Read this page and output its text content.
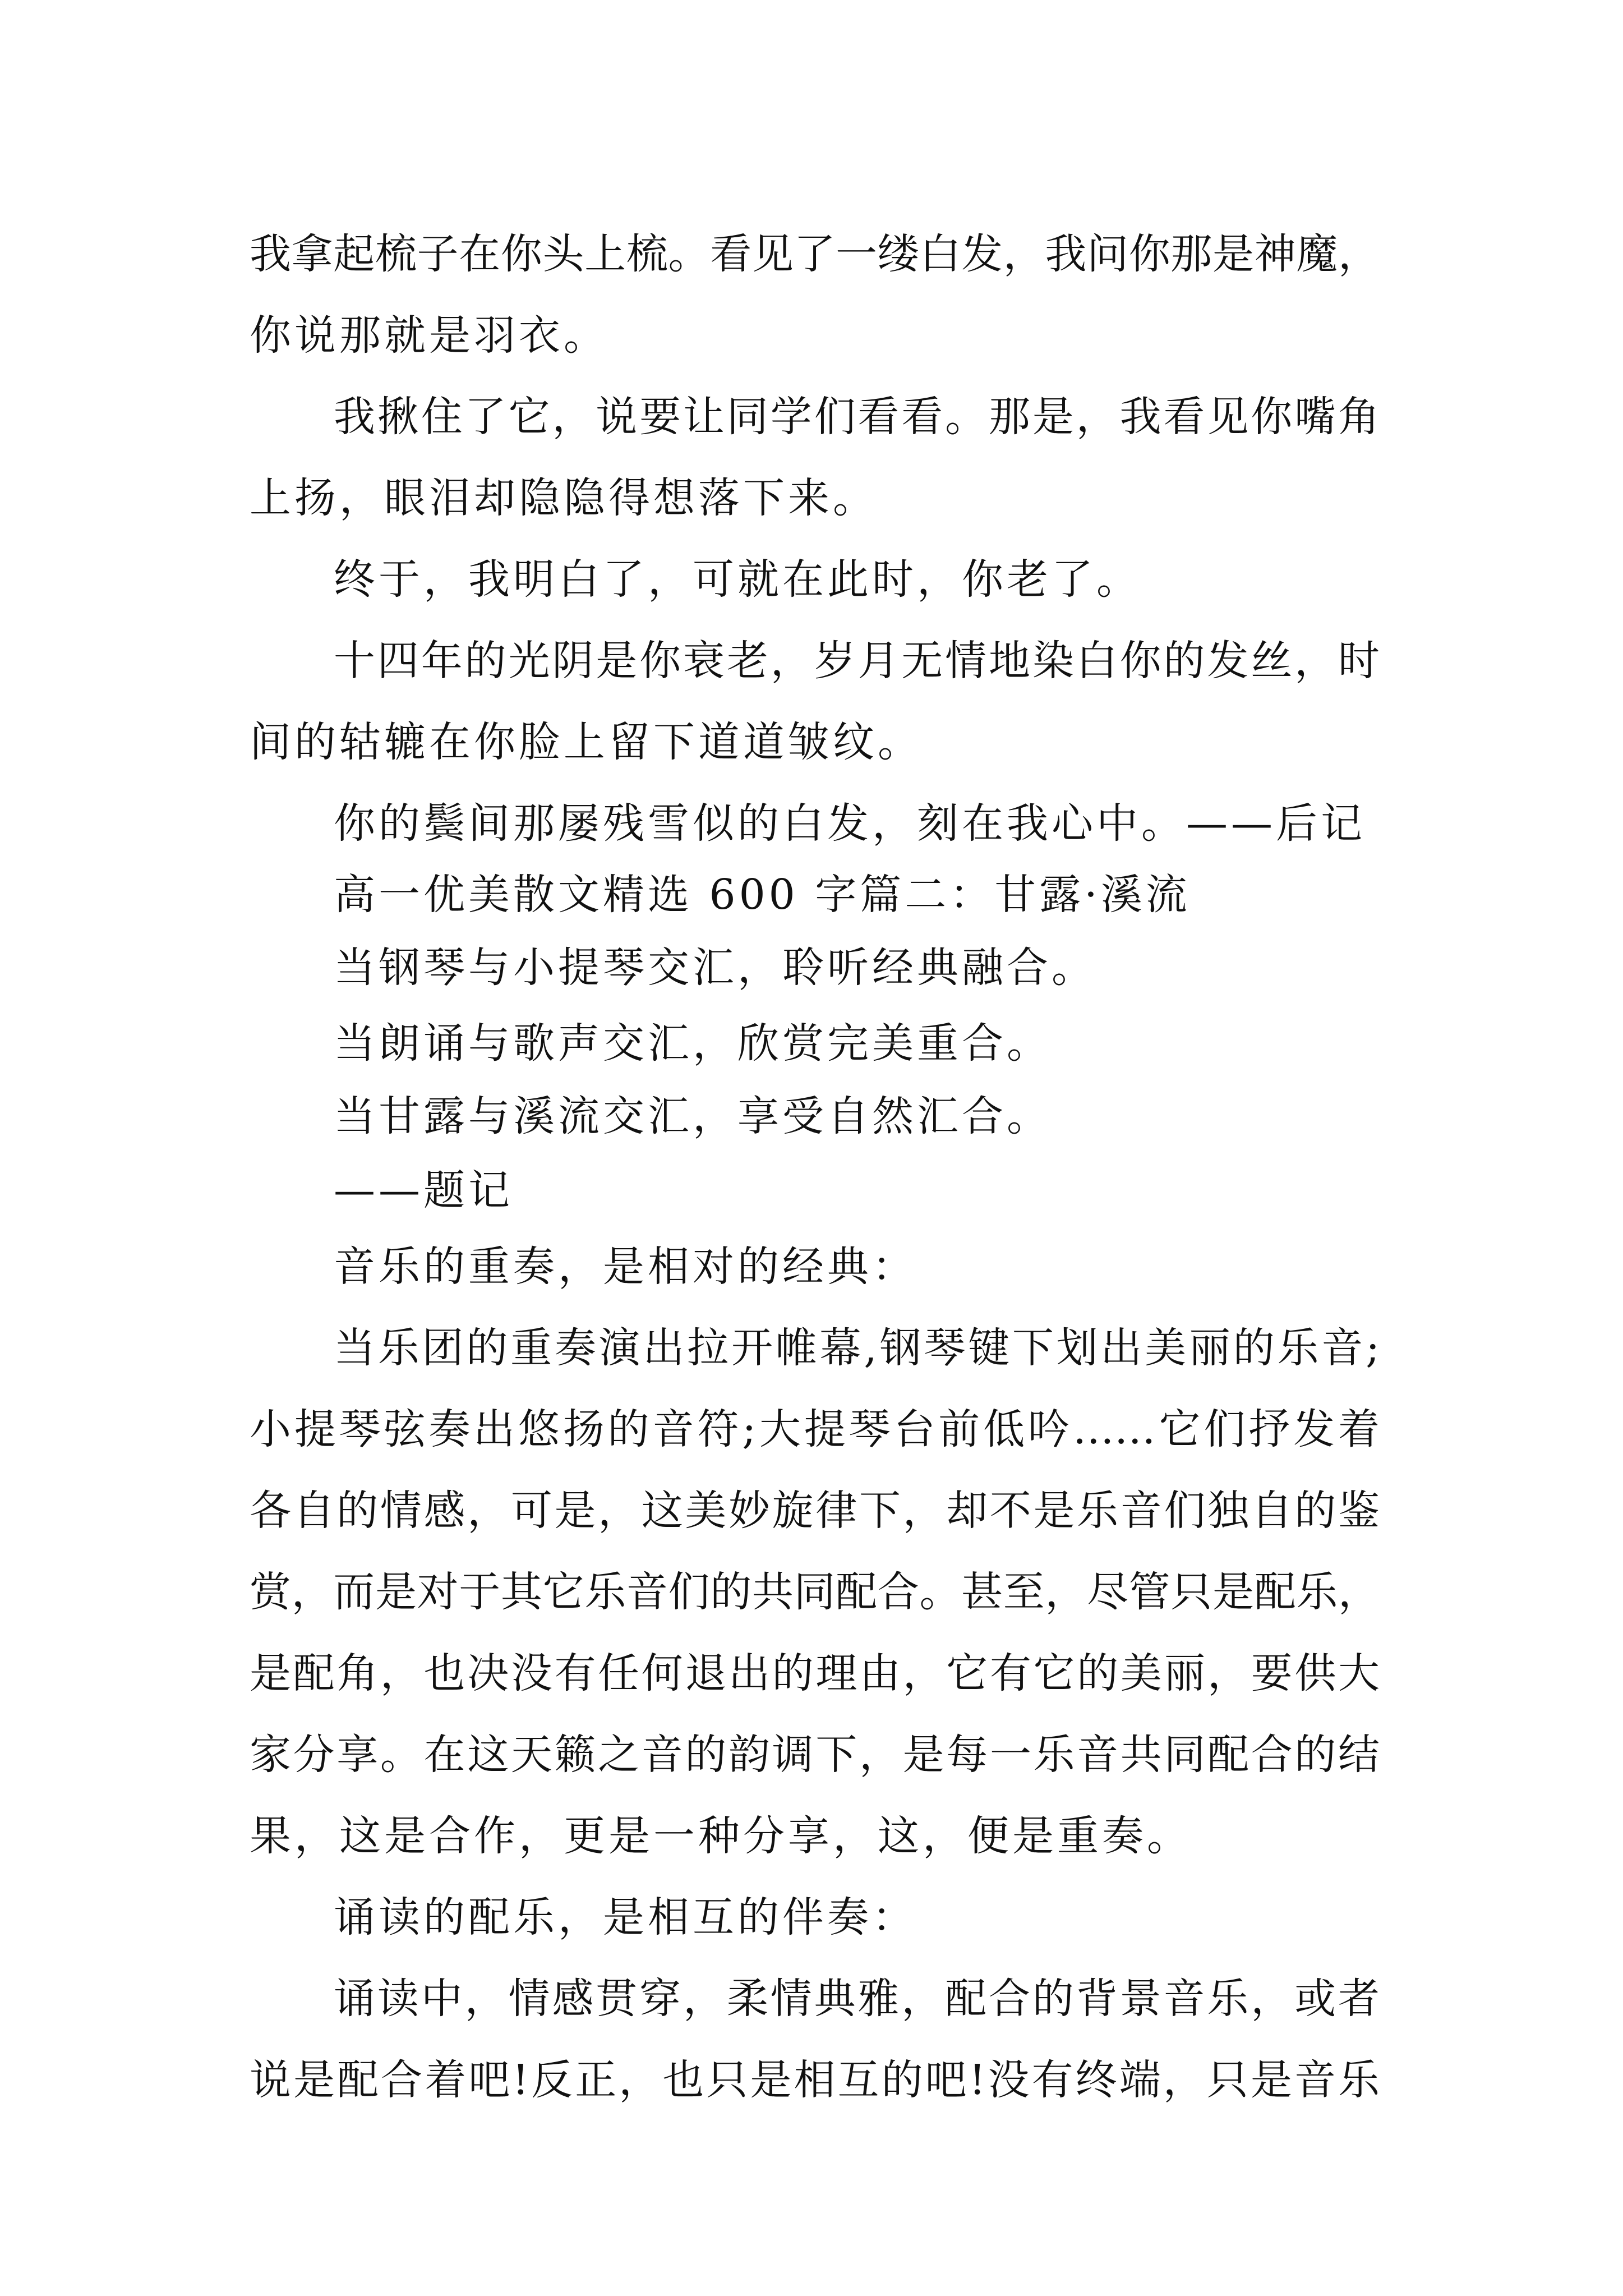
我拿起梳子在你头上梳。看见了一缕白发，我问你那是神魔，
你说那就是羽衣。
我揪住了它，说要让同学们看看。那是，我看见你嘴角
上扬，眼泪却隐隐得想落下来。
终于，我明白了，可就在此时，你老了。
十四年的光阴是你衰老，岁月无情地染白你的发丝，时
间的轱辘在你脸上留下道道皱纹。
你的鬓间那屡残雪似的白发，刻在我心中。——后记
高一优美散文精选 600 字篇二：甘露·溪流
当钢琴与小提琴交汇，聆听经典融合。
当朗诵与歌声交汇，欣赏完美重合。
当甘露与溪流交汇，享受自然汇合。
——题记
音乐的重奏，是相对的经典：
当乐团的重奏演出拉开帷幕,钢琴键下划出美丽的乐音;
小提琴弦奏出悠扬的音符;大提琴台前低吟……它们抒发着
各自的情感，可是，这美妙旋律下，却不是乐音们独自的鉴
赏，而是对于其它乐音们的共同配合。甚至，尽管只是配乐，
是配角，也决没有任何退出的理由，它有它的美丽，要供大
家分享。在这天籁之音的韵调下，是每一乐音共同配合的结
果，这是合作，更是一种分享，这，便是重奏。
诵读的配乐，是相互的伴奏：
诵读中，情感贯穿，柔情典雅，配合的背景音乐，或者
说是配合着吧!反正，也只是相互的吧!没有终端，只是音乐
